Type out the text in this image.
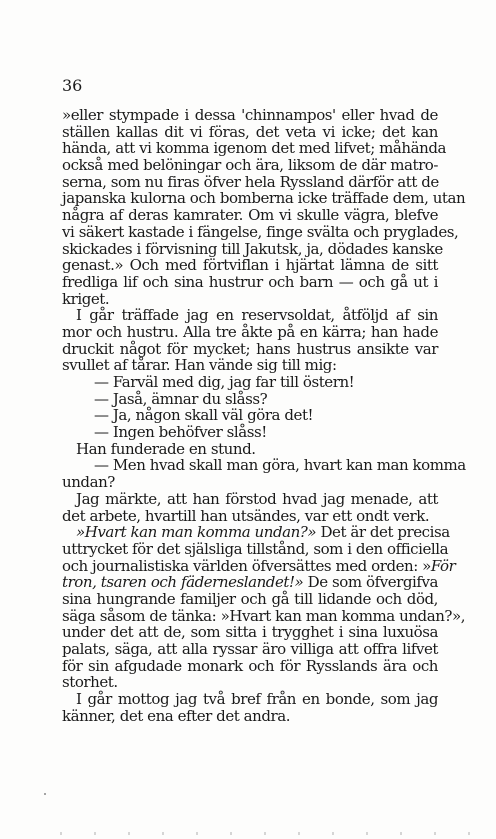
36
»eller stympade i dessa 'chinnampos' eller hvad de
ställen kallas dit vi föras, det veta vi icke; det kan
hända, att vi komma igenom det med lifvet; måhända
också med belöningar och ära, liksom de där matro-
serna, som nu firas öfver hela Ryssland därför att de
japanska kulorna och bomberna icke träffade dem, utan
några af deras kamrater. Om vi skulle vägra, blefve
vi säkert kastade i fängelse, finge svälta och pryglades,
skickades i förvisning till Jakutsk, ja, dödades kanske
genast.» Och med förtviflan i hjärtat lämna de sitt
fredliga lif och sina hustrur och barn — och gå ut i
kriget.
I går träffade jag en reservsoldat, åtföljd af sin
mor och hustru. Alla tre åkte på en kärra; han hade
druckit något för mycket; hans hustrus ansikte var
svullet af tårar. Han vände sig till mig:
— Farväl med dig, jag far till östern!
— Jaså, ämnar du slåss?
— Ja, någon skall väl göra det!
— Ingen behöfver slåss!
Han funderade en stund.
— Men hvad skall man göra, hvart kan man komma
undan?
Jag märkte, att han förstod hvad jag menade, att
det arbete, hvartill han utsändes, var ett ondt verk.
»Hvart kan man komma undan?» Det är det precisa
uttrycket för det själsliga tillstånd, som i den officiella
och journalistiska världen öfversättes med orden: »För
tron, tsaren och fäderneslandet!» De som öfvergifva
sina hungrande familjer och gå till lidande och död,
säga såsom de tänka: »Hvart kan man komma undan?»,
under det att de, som sitta i trygghet i sina luxuösa
palats, säga, att alla ryssar äro villiga att offra lifvet
för sin afgudade monark och för Rysslands ära och
storhet.
I går mottog jag två bref från en bonde, som jag
känner, det ena efter det andra.
